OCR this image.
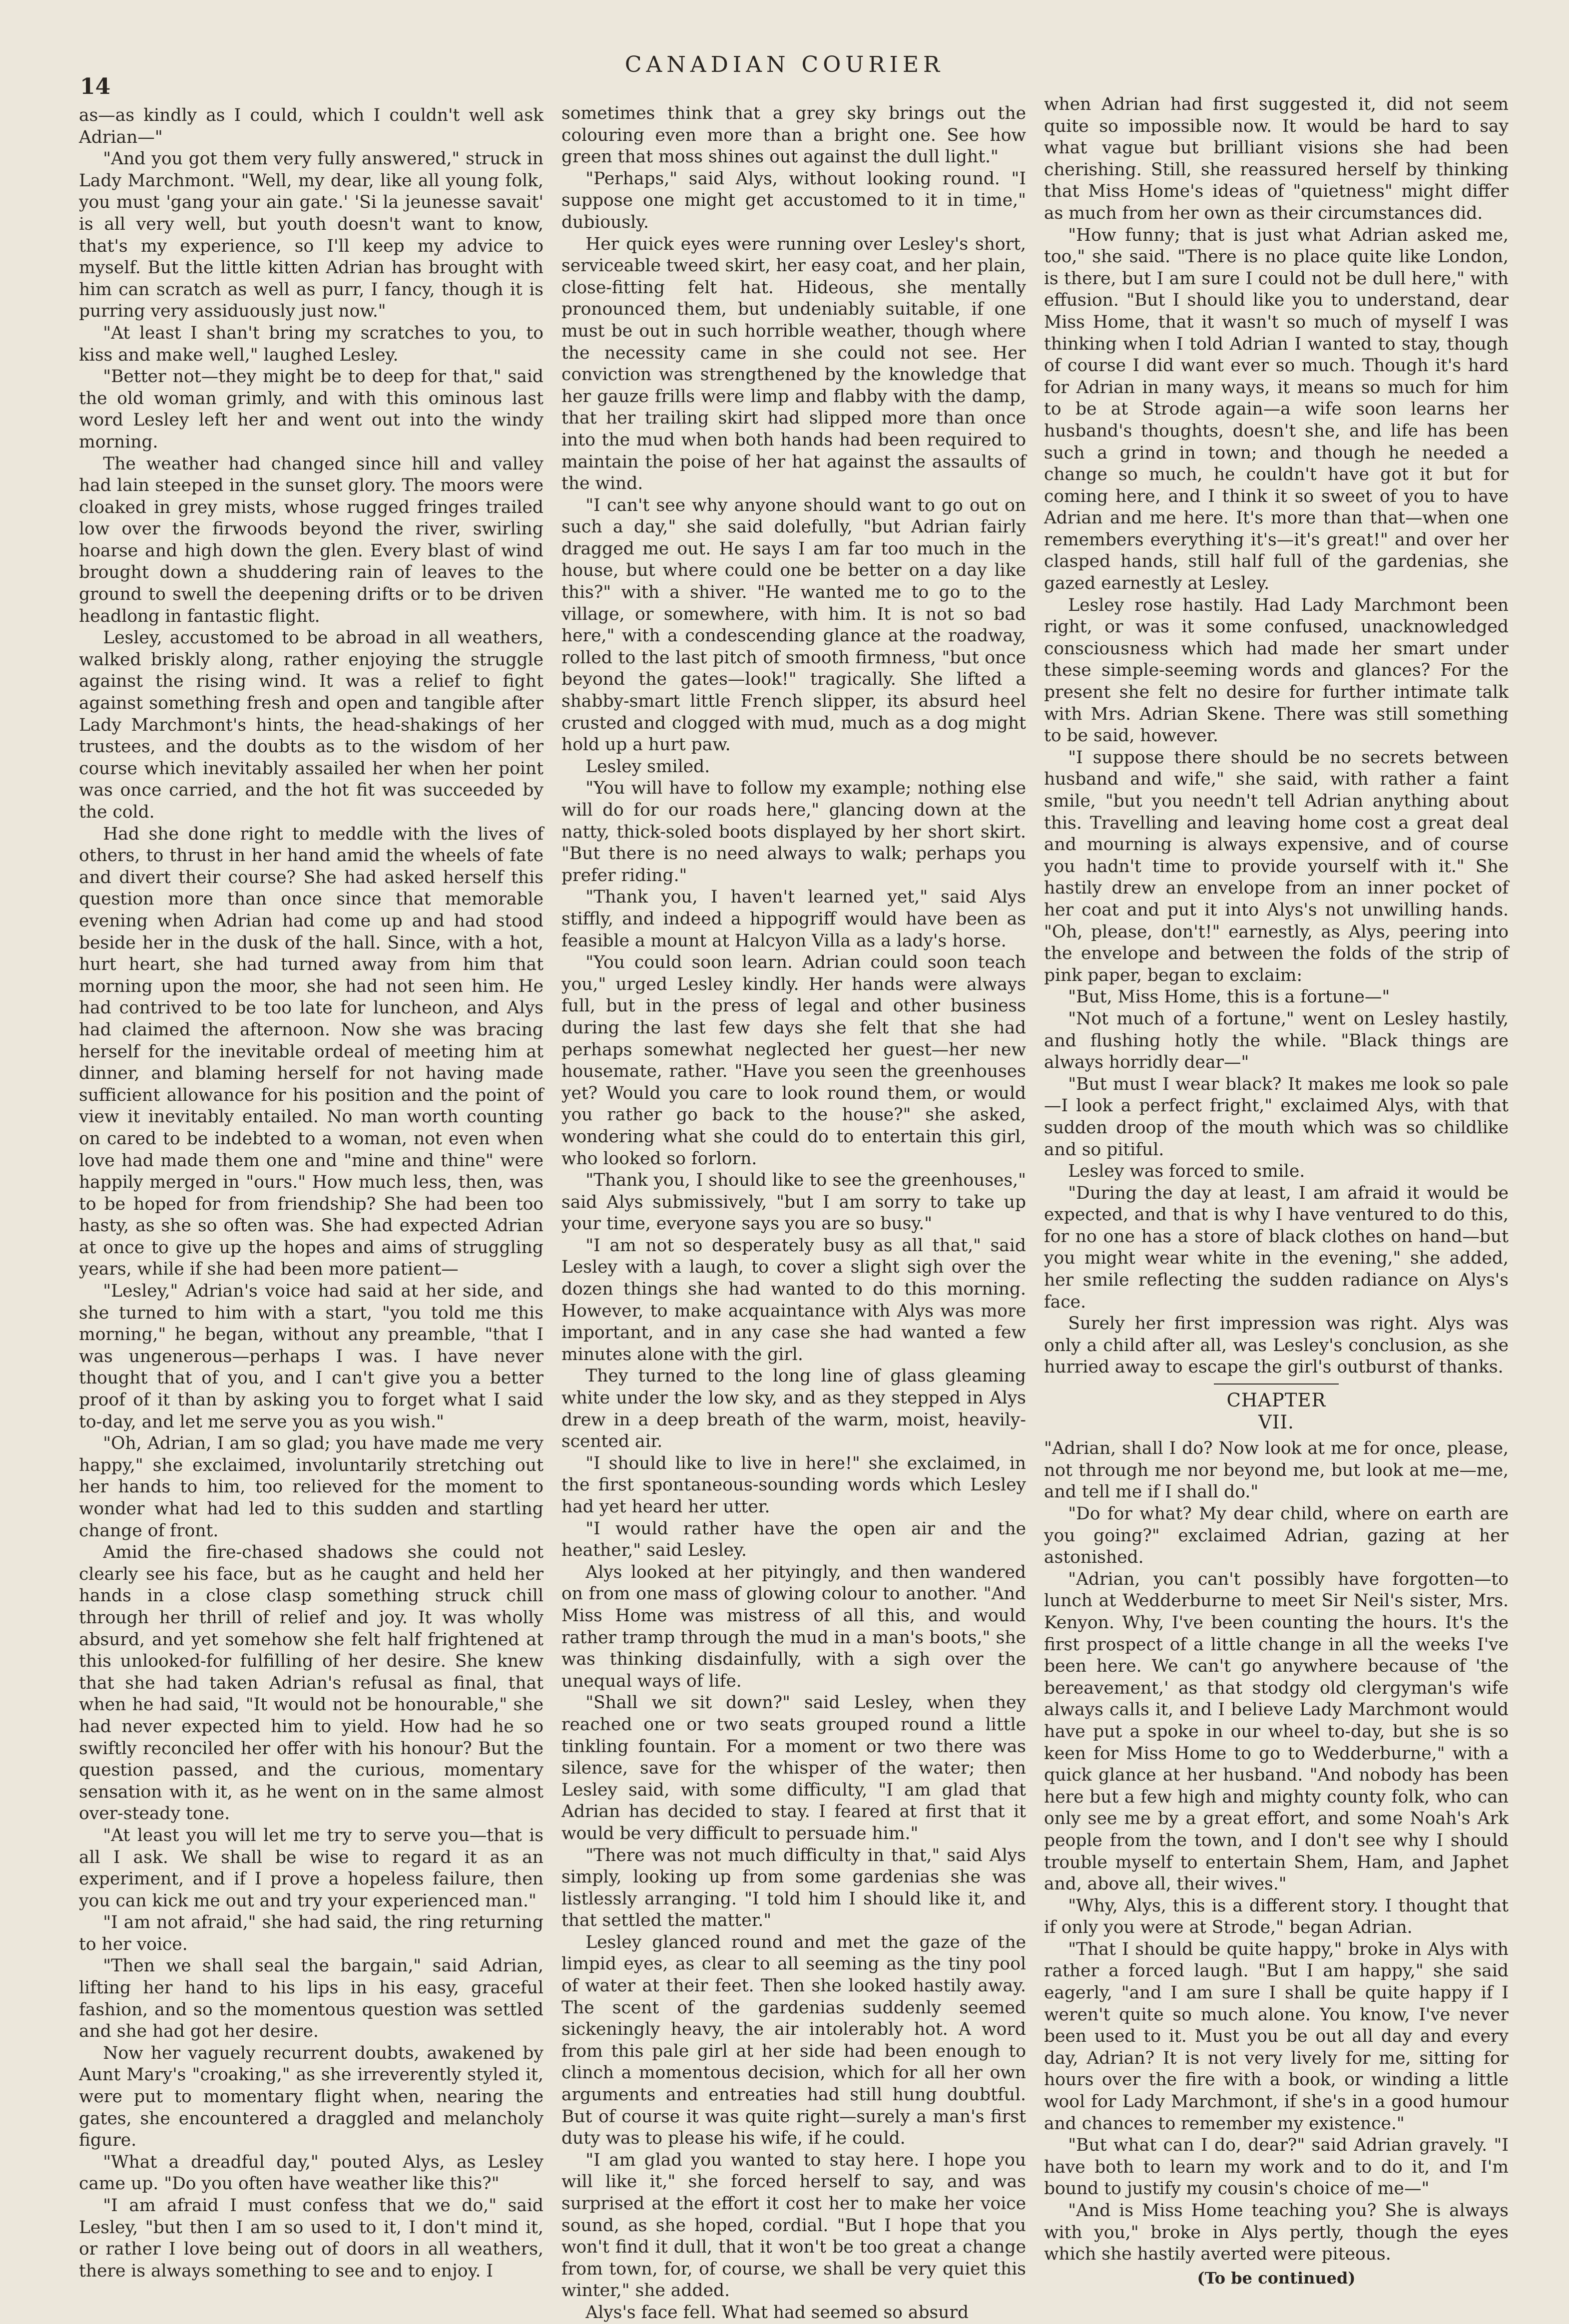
14
CANADIAN COURIER

as—as kindly as I could, which I couldn't well ask Adrian—"

"And you got them very fully answered," struck in Lady Marchmont. "Well, my dear, like all young folk, you must 'gang your ain gate.' 'Si la jeunesse savait' is all very well, but youth doesn't want to know, that's my experience, so I'll keep my advice to myself. But the little kitten Adrian has brought with him can scratch as well as purr, I fancy, though it is purring very assiduously just now."

"At least I shan't bring my scratches to you, to kiss and make well," laughed Lesley.

"Better not—they might be to deep for that," said the old woman grimly, and with this ominous last word Lesley left her and went out into the windy morning.

The weather had changed since hill and valley had lain steeped in the sunset glory. The moors were cloaked in grey mists, whose rugged fringes trailed low over the firwoods beyond the river, swirling hoarse and high down the glen. Every blast of wind brought down a shuddering rain of leaves to the ground to swell the deepening drifts or to be driven headlong in fantastic flight.

Lesley, accustomed to be abroad in all weathers, walked briskly along, rather enjoying the struggle against the rising wind. It was a relief to fight against something fresh and open and tangible after Lady Marchmont's hints, the head-shakings of her trustees, and the doubts as to the wisdom of her course which inevitably assailed her when her point was once carried, and the hot fit was succeeded by the cold.

Had she done right to meddle with the lives of others, to thrust in her hand amid the wheels of fate and divert their course? She had asked herself this question more than once since that memorable evening when Adrian had come up and had stood beside her in the dusk of the hall. Since, with a hot, hurt heart, she had turned away from him that morning upon the moor, she had not seen him. He had contrived to be too late for luncheon, and Alys had claimed the afternoon. Now she was bracing herself for the inevitable ordeal of meeting him at dinner, and blaming herself for not having made sufficient allowance for his position and the point of view it inevitably entailed. No man worth counting on cared to be indebted to a woman, not even when love had made them one and "mine and thine" were happily merged in "ours." How much less, then, was to be hoped for from friendship? She had been too hasty, as she so often was. She had expected Adrian at once to give up the hopes and aims of struggling years, while if she had been more patient—

"Lesley," Adrian's voice had said at her side, and she turned to him with a start, "you told me this morning," he began, without any preamble, "that I was ungenerous—perhaps I was. I have never thought that of you, and I can't give you a better proof of it than by asking you to forget what I said to-day, and let me serve you as you wish."

"Oh, Adrian, I am so glad; you have made me very happy," she exclaimed, involuntarily stretching out her hands to him, too relieved for the moment to wonder what had led to this sudden and startling change of front.

Amid the fire-chased shadows she could not clearly see his face, but as he caught and held her hands in a close clasp something struck chill through her thrill of relief and joy. It was wholly absurd, and yet somehow she felt half frightened at this unlooked-for fulfilling of her desire. She knew that she had taken Adrian's refusal as final, that when he had said, "It would not be honourable," she had never expected him to yield. How had he so swiftly reconciled her offer with his honour? But the question passed, and the curious, momentary sensation with it, as he went on in the same almost over-steady tone.

"At least you will let me try to serve you—that is all I ask. We shall be wise to regard it as an experiment, and if I prove a hopeless failure, then you can kick me out and try your experienced man."

"I am not afraid," she had said, the ring returning to her voice.

"Then we shall seal the bargain," said Adrian, lifting her hand to his lips in his easy, graceful fashion, and so the momentous question was settled and she had got her desire.

Now her vaguely recurrent doubts, awakened by Aunt Mary's "croaking," as she irreverently styled it, were put to momentary flight when, nearing the gates, she encountered a draggled and melancholy figure.

"What a dreadful day," pouted Alys, as Lesley came up. "Do you often have weather like this?"

"I am afraid I must confess that we do," said Lesley, "but then I am so used to it, I don't mind it, or rather I love being out of doors in all weathers, there is always something to see and to enjoy. I

sometimes think that a grey sky brings out the colouring even more than a bright one. See how green that moss shines out against the dull light."

"Perhaps," said Alys, without looking round. "I suppose one might get accustomed to it in time," dubiously.

Her quick eyes were running over Lesley's short, serviceable tweed skirt, her easy coat, and her plain, close-fitting felt hat. Hideous, she mentally pronounced them, but undeniably suitable, if one must be out in such horrible weather, though where the necessity came in she could not see. Her conviction was strengthened by the knowledge that her gauze frills were limp and flabby with the damp, that her trailing skirt had slipped more than once into the mud when both hands had been required to maintain the poise of her hat against the assaults of the wind.

"I can't see why anyone should want to go out on such a day," she said dolefully, "but Adrian fairly dragged me out. He says I am far too much in the house, but where could one be better on a day like this?" with a shiver. "He wanted me to go to the village, or somewhere, with him. It is not so bad here," with a condescending glance at the roadway, rolled to the last pitch of smooth firmness, "but once beyond the gates—look!" tragically. She lifted a shabby-smart little French slipper, its absurd heel crusted and clogged with mud, much as a dog might hold up a hurt paw.

Lesley smiled.

"You will have to follow my example; nothing else will do for our roads here," glancing down at the natty, thick-soled boots displayed by her short skirt. "But there is no need always to walk; perhaps you prefer riding."

"Thank you, I haven't learned yet," said Alys stiffly, and indeed a hippogriff would have been as feasible a mount at Halcyon Villa as a lady's horse.

"You could soon learn. Adrian could soon teach you," urged Lesley kindly. Her hands were always full, but in the press of legal and other business during the last few days she felt that she had perhaps somewhat neglected her guest—her new housemate, rather. "Have you seen the greenhouses yet? Would you care to look round them, or would you rather go back to the house?" she asked, wondering what she could do to entertain this girl, who looked so forlorn.

"Thank you, I should like to see the greenhouses," said Alys submissively, "but I am sorry to take up your time, everyone says you are so busy."

"I am not so desperately busy as all that," said Lesley with a laugh, to cover a slight sigh over the dozen things she had wanted to do this morning. However, to make acquaintance with Alys was more important, and in any case she had wanted a few minutes alone with the girl.

They turned to the long line of glass gleaming white under the low sky, and as they stepped in Alys drew in a deep breath of the warm, moist, heavily-scented air.

"I should like to live in here!" she exclaimed, in the first spontaneous-sounding words which Lesley had yet heard her utter.

"I would rather have the open air and the heather," said Lesley.

Alys looked at her pityingly, and then wandered on from one mass of glowing colour to another. "And Miss Home was mistress of all this, and would rather tramp through the mud in a man's boots," she was thinking disdainfully, with a sigh over the unequal ways of life.

"Shall we sit down?" said Lesley, when they reached one or two seats grouped round a little tinkling fountain. For a moment or two there was silence, save for the whisper of the water; then Lesley said, with some difficulty, "I am glad that Adrian has decided to stay. I feared at first that it would be very difficult to persuade him."

"There was not much difficulty in that," said Alys simply, looking up from some gardenias she was listlessly arranging. "I told him I should like it, and that settled the matter."

Lesley glanced round and met the gaze of the limpid eyes, as clear to all seeming as the tiny pool of water at their feet. Then she looked hastily away. The scent of the gardenias suddenly seemed sickeningly heavy, the air intolerably hot. A word from this pale girl at her side had been enough to clinch a momentous decision, which for all her own arguments and entreaties had still hung doubtful. But of course it was quite right—surely a man's first duty was to please his wife, if he could.

"I am glad you wanted to stay here. I hope you will like it," she forced herself to say, and was surprised at the effort it cost her to make her voice sound, as she hoped, cordial. "But I hope that you won't find it dull, that it won't be too great a change from town, for, of course, we shall be very quiet this winter," she added.

Alys's face fell. What had seemed so absurd

when Adrian had first suggested it, did not seem quite so impossible now. It would be hard to say what vague but brilliant visions she had been cherishing. Still, she reassured herself by thinking that Miss Home's ideas of "quietness" might differ as much from her own as their circumstances did.

"How funny; that is just what Adrian asked me, too," she said. "There is no place quite like London, is there, but I am sure I could not be dull here," with effusion. "But I should like you to understand, dear Miss Home, that it wasn't so much of myself I was thinking when I told Adrian I wanted to stay, though of course I did want ever so much. Though it's hard for Adrian in many ways, it means so much for him to be at Strode again—a wife soon learns her husband's thoughts, doesn't she, and life has been such a grind in town; and though he needed a change so much, he couldn't have got it but for coming here, and I think it so sweet of you to have Adrian and me here. It's more than that—when one remembers everything it's—it's great!" and over her clasped hands, still half full of the gardenias, she gazed earnestly at Lesley.

Lesley rose hastily. Had Lady Marchmont been right, or was it some confused, unacknowledged consciousness which had made her smart under these simple-seeming words and glances? For the present she felt no desire for further intimate talk with Mrs. Adrian Skene. There was still something to be said, however.

"I suppose there should be no secrets between husband and wife," she said, with rather a faint smile, "but you needn't tell Adrian anything about this. Travelling and leaving home cost a great deal and mourning is always expensive, and of course you hadn't time to provide yourself with it." She hastily drew an envelope from an inner pocket of her coat and put it into Alys's not unwilling hands. "Oh, please, don't!" earnestly, as Alys, peering into the envelope and between the folds of the strip of pink paper, began to exclaim:

"But, Miss Home, this is a fortune—"

"Not much of a fortune," went on Lesley hastily, and flushing hotly the while. "Black things are always horridly dear—"

"But must I wear black? It makes me look so pale—I look a perfect fright," exclaimed Alys, with that sudden droop of the mouth which was so childlike and so pitiful.

Lesley was forced to smile.

"During the day at least, I am afraid it would be expected, and that is why I have ventured to do this, for no one has a store of black clothes on hand—but you might wear white in the evening," she added, her smile reflecting the sudden radiance on Alys's face.

Surely her first impression was right. Alys was only a child after all, was Lesley's conclusion, as she hurried away to escape the girl's outburst of thanks.

CHAPTER VII.

"Adrian, shall I do? Now look at me for once, please, not through me nor beyond me, but look at me—me, and tell me if I shall do."

"Do for what? My dear child, where on earth are you going?" exclaimed Adrian, gazing at her astonished.

"Adrian, you can't possibly have forgotten—to lunch at Wedderburne to meet Sir Neil's sister, Mrs. Kenyon. Why, I've been counting the hours. It's the first prospect of a little change in all the weeks I've been here. We can't go anywhere because of 'the bereavement,' as that stodgy old clergyman's wife always calls it, and I believe Lady Marchmont would have put a spoke in our wheel to-day, but she is so keen for Miss Home to go to Wedderburne," with a quick glance at her husband. "And nobody has been here but a few high and mighty county folk, who can only see me by a great effort, and some Noah's Ark people from the town, and I don't see why I should trouble myself to entertain Shem, Ham, and Japhet and, above all, their wives."

"Why, Alys, this is a different story. I thought that if only you were at Strode," began Adrian.

"That I should be quite happy," broke in Alys with rather a forced laugh. "But I am happy," she said eagerly, "and I am sure I shall be quite happy if I weren't quite so much alone. You know, I've never been used to it. Must you be out all day and every day, Adrian? It is not very lively for me, sitting for hours over the fire with a book, or winding a little wool for Lady Marchmont, if she's in a good humour and chances to remember my existence."

"But what can I do, dear?" said Adrian gravely. "I have both to learn my work and to do it, and I'm bound to justify my cousin's choice of me—"

"And is Miss Home teaching you? She is always with you," broke in Alys pertly, though the eyes which she hastily averted were piteous.

(To be continued)
